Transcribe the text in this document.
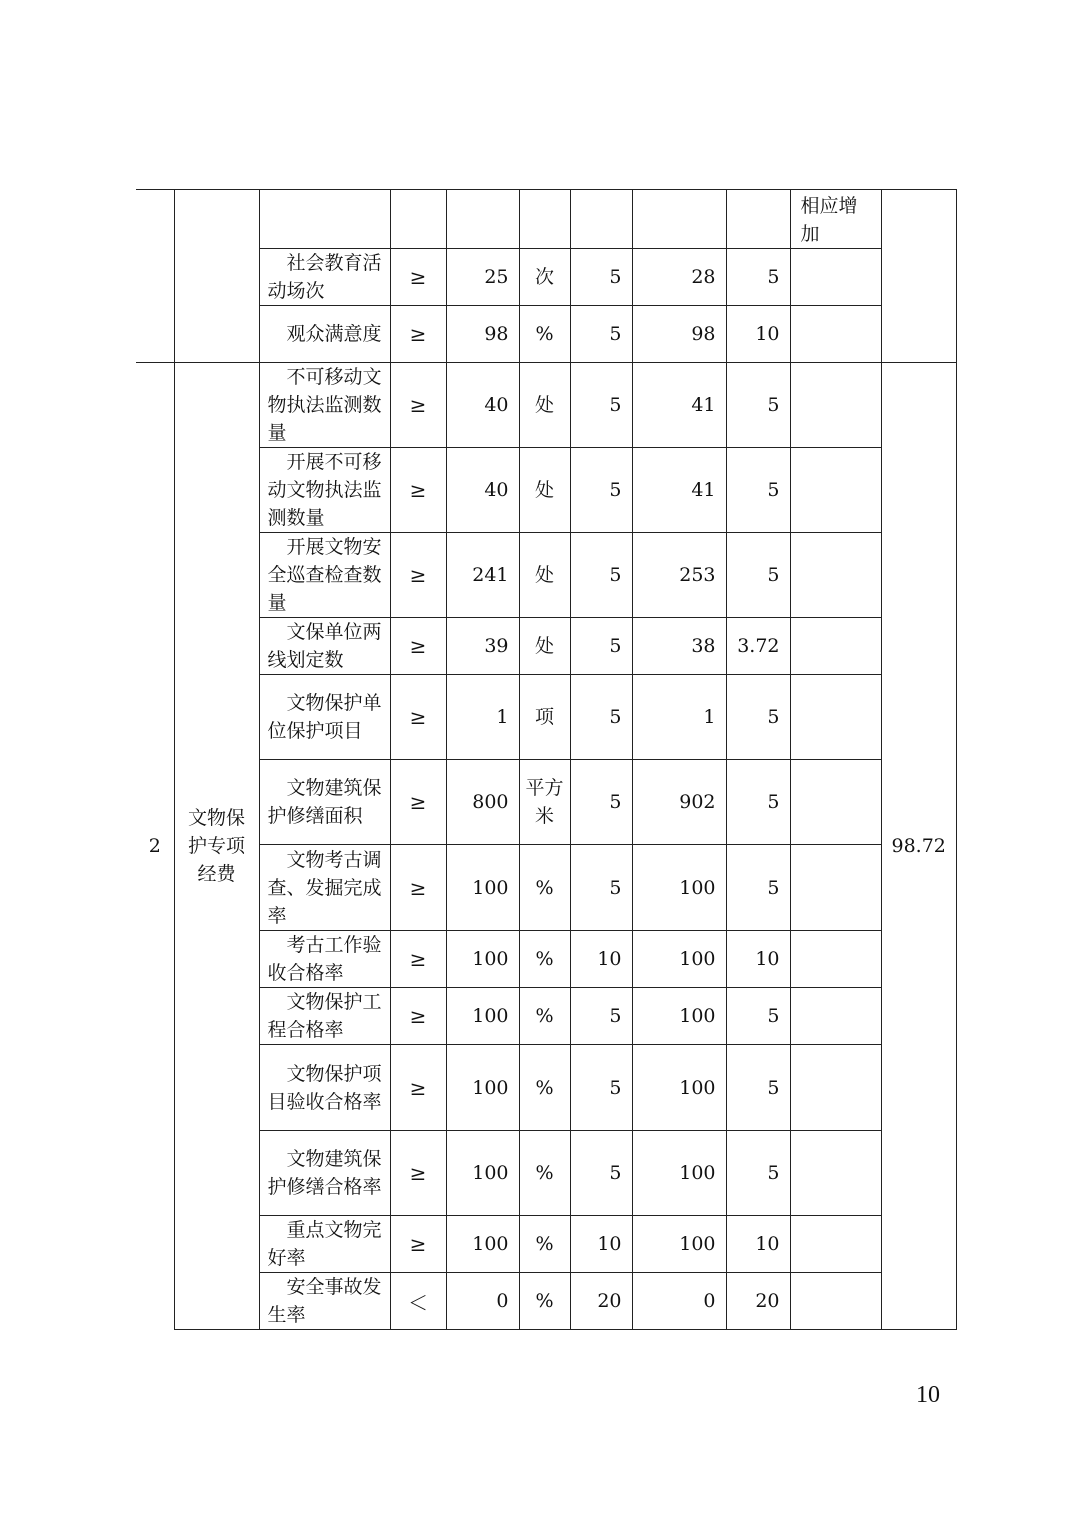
									相应增加	
		社会教育活动场次	≥	25	次	5	28	5		
		观众满意度	≥	98	%	5	98	10		
2	文物保护专项经费	不可移动文物执法监测数量	≥	40	处	5	41	5		98.72
		开展不可移动文物执法监测数量	≥	40	处	5	41	5		
		开展文物安全巡查检查数量	≥	241	处	5	253	5		
		文保单位两线划定数	≥	39	处	5	38	3.72		
		文物保护单位保护项目	≥	1	项	5	1	5		
		文物建筑保护修缮面积	≥	800	平方米	5	902	5		
		文物考古调查、发掘完成率	≥	100	%	5	100	5		
		考古工作验收合格率	≥	100	%	10	100	10		
		文物保护工程合格率	≥	100	%	5	100	5		
		文物保护项目验收合格率	≥	100	%	5	100	5		
		文物建筑保护修缮合格率	≥	100	%	5	100	5		
		重点文物完好率	≥	100	%	10	100	10		
		安全事故发生率	＜	0	%	20	0	20		
10
